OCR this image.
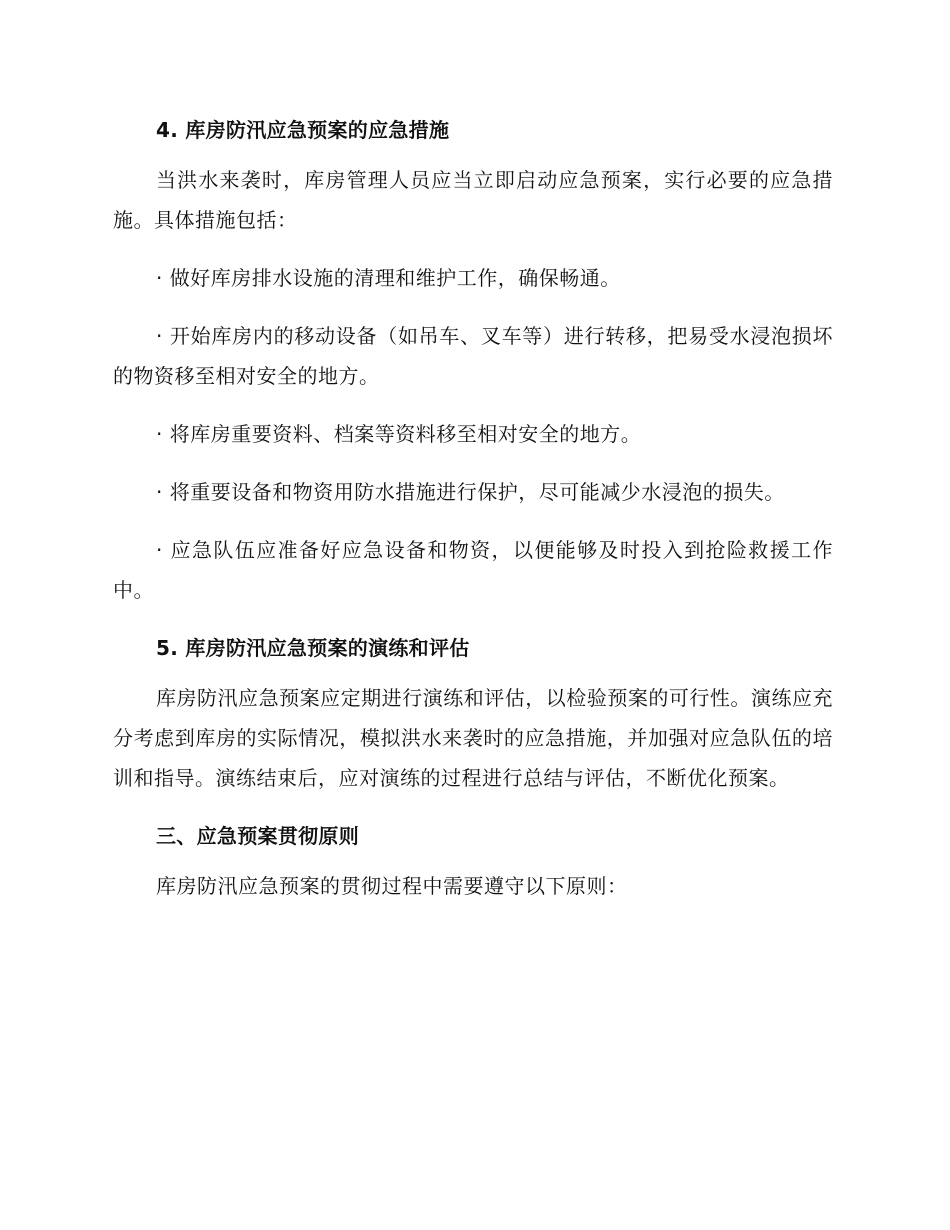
4. 库房防汛应急预案的应急措施
当洪水来袭时，库房管理人员应当立即启动应急预案，实行必要的应急措施。具体措施包括：
· 做好库房排水设施的清理和维护工作，确保畅通。
· 开始库房内的移动设备（如吊车、叉车等）进行转移，把易受水浸泡损坏的物资移至相对安全的地方。
· 将库房重要资料、档案等资料移至相对安全的地方。
· 将重要设备和物资用防水措施进行保护，尽可能减少水浸泡的损失。
· 应急队伍应准备好应急设备和物资，以便能够及时投入到抢险救援工作中。
5. 库房防汛应急预案的演练和评估
库房防汛应急预案应定期进行演练和评估，以检验预案的可行性。演练应充分考虑到库房的实际情况，模拟洪水来袭时的应急措施，并加强对应急队伍的培训和指导。演练结束后，应对演练的过程进行总结与评估，不断优化预案。
三、应急预案贯彻原则
库房防汛应急预案的贯彻过程中需要遵守以下原则：
